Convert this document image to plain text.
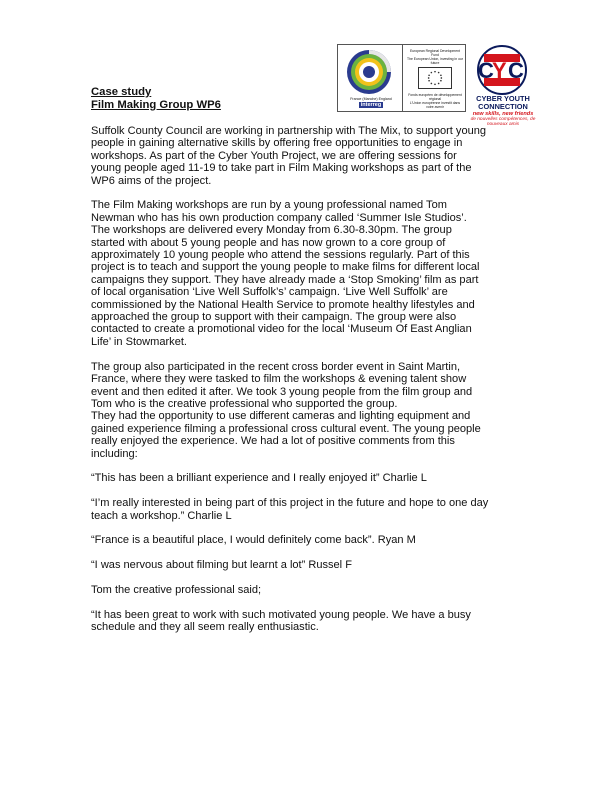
France (Manche) England
interreg
European Regional Development Fund
The European Union, investing in our future
Fonds européen de développement régional
L'Union européenne investit dans votre avenir
C
Y C
CYBER YOUTH
CONNECTION
new skills, new friends
de nouvelles compétences, de nouveaux amis
Case study
Film Making Group WP6

Suffolk County Council are working in partnership with The Mix, to support young
people in gaining alternative skills by offering free opportunities to engage in
workshops. As part of the Cyber Youth Project, we are offering sessions for
young people aged 11-19 to take part in Film Making workshops as part of the
WP6 aims of the project.

The Film Making workshops are run by a young professional named Tom
Newman who has his own production company called ‘Summer Isle Studios’.
The workshops are delivered every Monday from 6.30-8.30pm. The group
started with about 5 young people and has now grown to a core group of
approximately 10 young people who attend the sessions regularly. Part of this
project is to teach and support the young people to make films for different local
campaigns they support. They have already made a ‘Stop Smoking’ film as part
of local organisation ‘Live Well Suffolk’s’ campaign. ‘Live Well Suffolk’ are
commissioned by the National Health Service to promote healthy lifestyles and
approached the group to support with their campaign. The group were also
contacted to create a promotional video for the local ‘Museum Of East Anglian
Life’ in Stowmarket.

The group also participated in the recent cross border event in Saint Martin,
France, where they were tasked to film the workshops & evening talent show
event and then edited it after. We took 3 young people from the film group and
Tom who is the creative professional who supported the group.
They had the opportunity to use different cameras and lighting equipment and
gained experience filming a professional cross cultural event. The young people
really enjoyed the experience. We had a lot of positive comments from this
including:

“This has been a brilliant experience and I really enjoyed it” Charlie L

“I’m really interested in being part of this project in the future and hope to one day
teach a workshop.” Charlie L

“France is a beautiful place, I would definitely come back”. Ryan M

“I was nervous about filming but learnt a lot” Russel F

Tom the creative professional said;

“It has been great to work with such motivated young people. We have a busy
schedule and they all seem really enthusiastic.
